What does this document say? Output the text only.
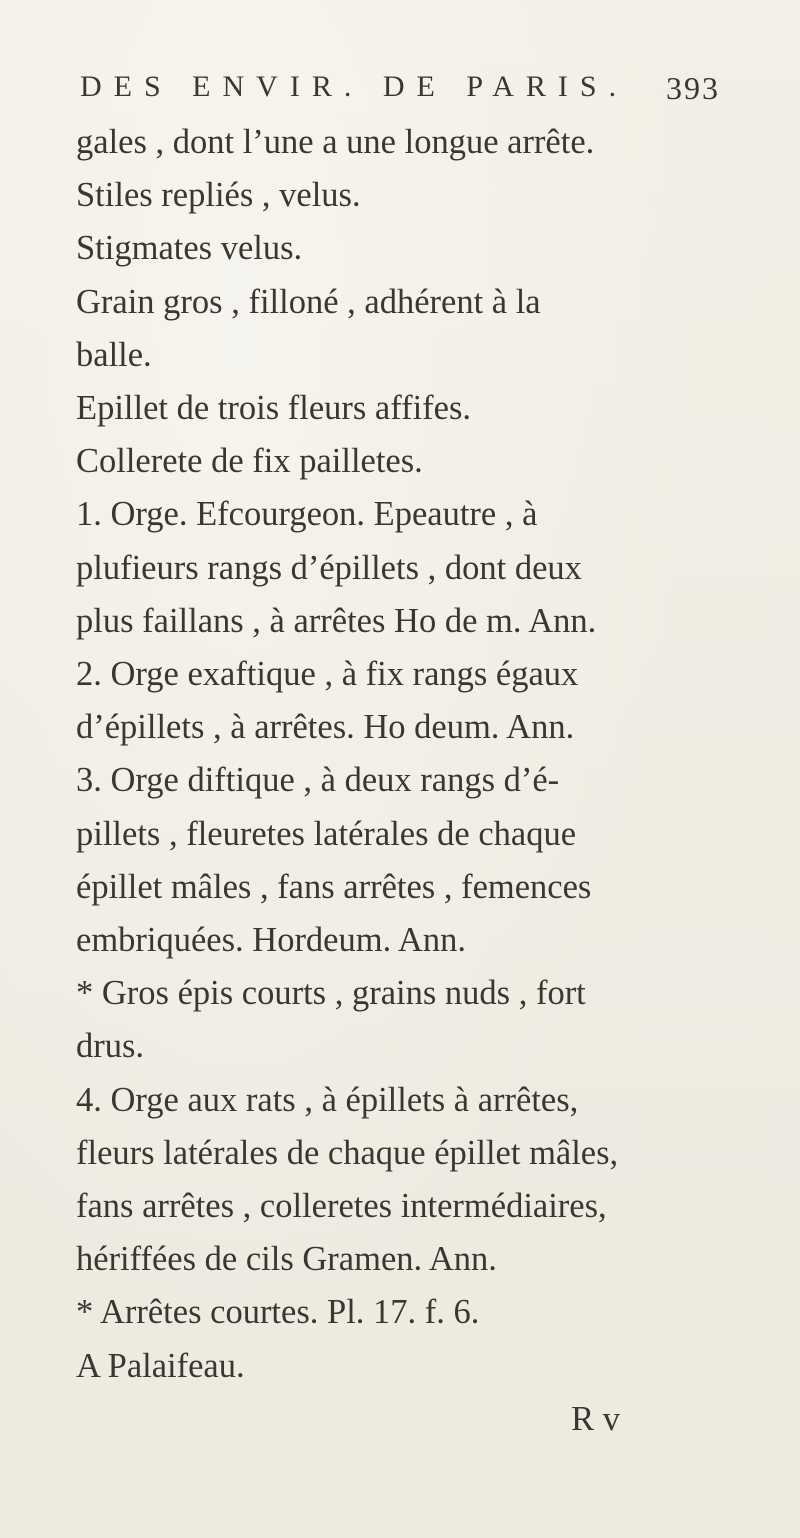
DES ENVIR. DE PARIS. 393

gales , dont l’une a une longue arrête.

Stiles repliés , velus.

Stigmates velus.

Grain gros , filloné , adhérent à la

balle.

Epillet de trois fleurs affifes.

Collerete de fix pailletes.

1. Orge. Efcourgeon. Epeautre , à

plufieurs rangs d’épillets , dont deux

plus faillans , à arrêtes Ho de m. Ann.

2. Orge exaftique , à fix rangs égaux

d’épillets , à arrêtes. Ho deum. Ann.

3. Orge diftique , à deux rangs d’é-

pillets , fleuretes latérales de chaque

épillet mâles , fans arrêtes , femences

embriquées. Hordeum. Ann.

* Gros épis courts , grains nuds , fort

drus.

4. Orge aux rats , à épillets à arrêtes,

fleurs latérales de chaque épillet mâles,

fans arrêtes , colleretes intermédiaires,

hériffées de cils Gramen. Ann.

* Arrêtes courtes. Pl. 17. f. 6.

A Palaifeau.

R v
